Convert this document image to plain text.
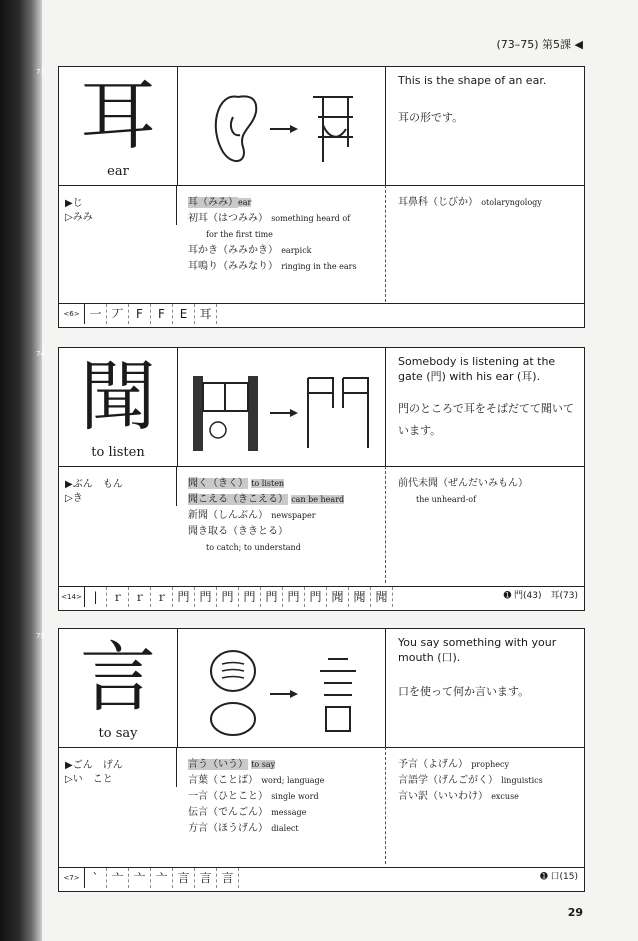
(73–75) 第5課 ◀
73 耳
ear
This is the shape of an ear.
耳の形です。
▶じ
▷みみ
耳（みみ）ear
初耳（はつみみ） something heard of
for the first time
耳かき（みみかき） earpick
耳鳴り（みみなり） ringing in the ears
耳鼻科（じびか） otolaryngology
<6> 一 丆	F	F	E	耳
74 聞
to listen
Somebody is listening at the gate (門) with his ear (耳).
門のところで耳をそばだてて聞いています。
▶ぶん　もん
▷き
聞く（きく） to listen
聞こえる（きこえる） can be heard
新聞（しんぶん） newspaper
聞き取る（ききとる）
to catch; to understand
前代未聞（ぜんだいみもん）
the unheard-of
<14> |	ｒ ｒ ｒ 門 門 門 門 門 門 門 聞 聞 聞	➊ 門(43)　耳(73)
75 言
to say
You say something with your mouth (口).
口を使って何か言います。
▶ごん　げん
▷い　こと
言う（いう） to say
言葉（ことば） word; language
一言（ひとこと） single word
伝言（でんごん） message
方言（ほうげん） dialect
予言（よげん） prophecy
言語学（げんごがく） linguistics
言い訳（いいわけ） excuse
<7>	`	亠 亠 亠 言 言 言	➊ 口(15)
29
